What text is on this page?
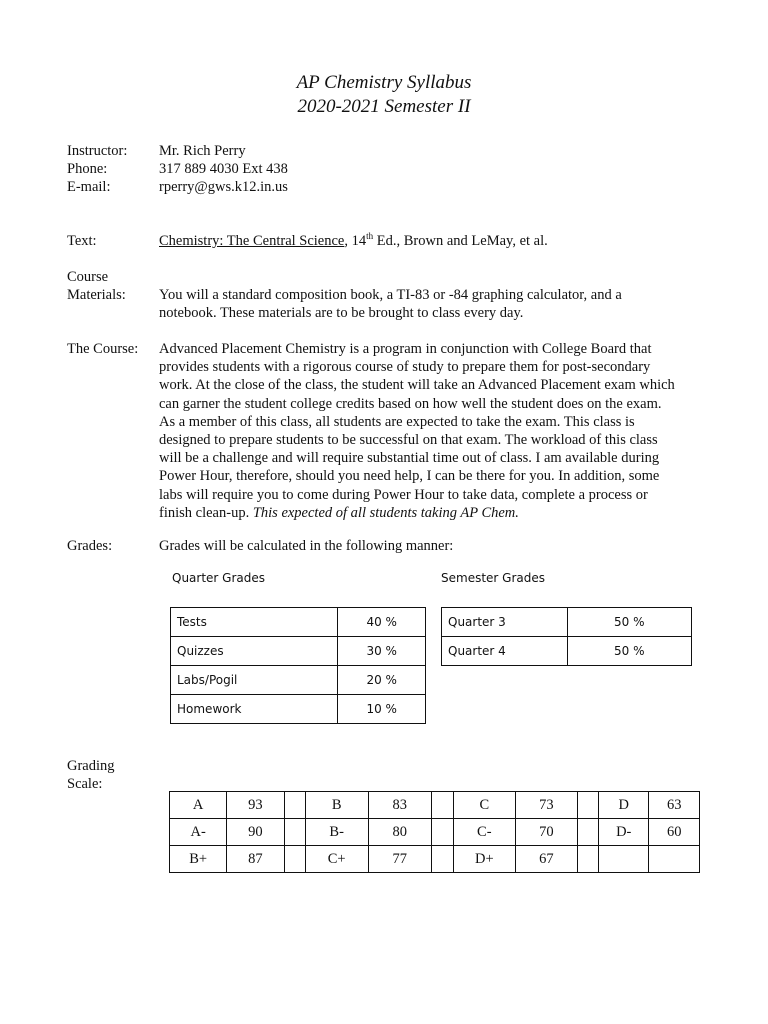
AP Chemistry Syllabus
2020-2021 Semester II
Instructor: Mr. Rich Perry
Phone:	317 889 4030 Ext 438
E-mail:	rperry@gws.k12.in.us
Text:	Chemistry: The Central Science, 14th Ed., Brown and LeMay, et al.
Course
Materials: You will a standard composition book, a TI-83 or -84 graphing calculator, and a
notebook. These materials are to be brought to class every day.
The Course: Advanced Placement Chemistry is a program in conjunction with College Board that
provides students with a rigorous course of study to prepare them for post-secondary
work. At the close of the class, the student will take an Advanced Placement exam which
can garner the student college credits based on how well the student does on the exam.
As a member of this class, all students are expected to take the exam. This class is
designed to prepare students to be successful on that exam. The workload of this class
will be a challenge and will require substantial time out of class. I am available during
Power Hour, therefore, should you need help, I can be there for you. In addition, some
labs will require you to come during Power Hour to take data, complete a process or
finish clean-up. This expected of all students taking AP Chem.
Grades:	Grades will be calculated in the following manner:
Quarter Grades	Semester Grades
Tests	40 %
Quizzes	30 %
Labs/Pogil	20 %
Homework	10 %
Quarter 3	50 %
Quarter 4	50 %
Grading
Scale:
A	93		B	83		C	73		D	63
A-	90		B-	80		C-	70		D-	60
B+	87		C+	77		D+	67			
